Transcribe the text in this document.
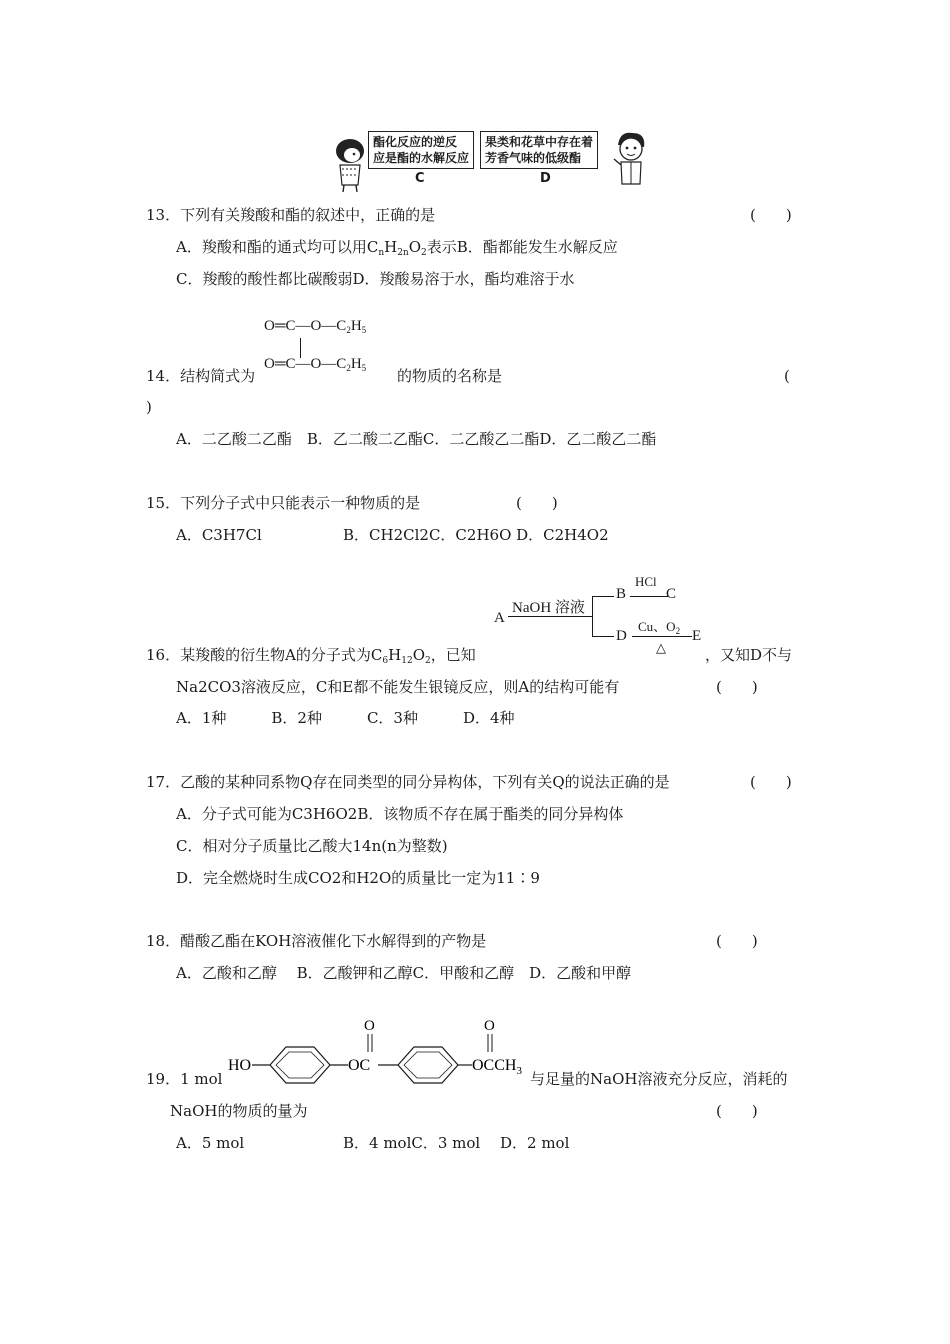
酯化反应的逆反
应是酯的水解反应
C
果类和花草中存在着
芳香气味的低级酯
D
13．下列有关羧酸和酯的叙述中，正确的是	(　　)
A．羧酸和酯的通式均可以用$C_nH_{2n}O_2$表示B．酯都能发生水解反应
C．羧酸的酸性都比碳酸弱D．羧酸易溶于水，酯均难溶于水
$O═C—O—C_2H_5$
$O═C—O—C_2H_5$
14．结构简式为	的物质的名称是	(
)
A．二乙酸二乙酯　B．乙二酸二乙酯C．二乙酸乙二酯D．乙二酸乙二酯
15．下列分子式中只能表示一种物质的是	(　　)
A．C3H7Cl	B．CH2Cl2C．C2H6O D．C2H4O2
A
NaOH 溶液
B
HCl
C
D
Cu、$O_2$
△
E
16．某羧酸的衍生物A的分子式为$C_6H_{12}O_2$，已知	，又知D不与
Na2CO3溶液反应，C和E都不能发生银镜反应，则A的结构可能有	(　　)
A．1种　　　B．2种　　　C．3种　　　D．4种
17．乙酸的某种同系物Q存在同类型的同分异构体，下列有关Q的说法正确的是	(　　)
A．分子式可能为C3H6O2B．该物质不存在属于酯类的同分异构体
C．相对分子质量比乙酸大14n(n为整数)
D．完全燃烧时生成CO2和H2O的质量比一定为11∶9
18．醋酸乙酯在KOH溶液催化下水解得到的产物是	(　　)
A．乙酸和乙醇　 B．乙酸钾和乙醇C．甲酸和乙醇　D．乙酸和甲醇
HO	OC
O
$OCCH_3$
O
19．1 mol	与足量的NaOH溶液充分反应，消耗的
NaOH的物质的量为	(　　)
A．5 mol	B．4 molC．3 mol　 D．2 mol
